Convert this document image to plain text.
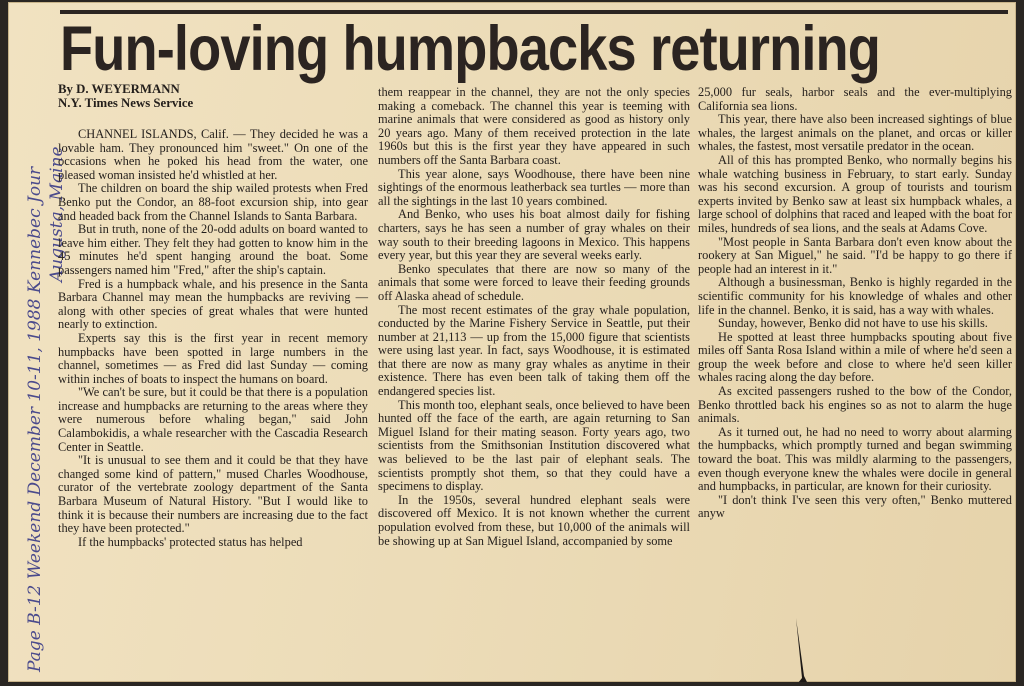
Fun-loving humpbacks returning
Page B-12 Weekend December 10-11, 1988 Kennebec Jour Augusta, Maine
By D. WEYERMANN
N.Y. Times News Service

CHANNEL ISLANDS, Calif. — They decided he was a lovable ham. They pronounced him "sweet." On one of the occasions when he poked his head from the water, one pleased woman insisted he'd whistled at her.

The children on board the ship wailed protests when Fred Benko put the Condor, an 88-foot excursion ship, into gear and headed back from the Channel Islands to Santa Barbara.

But in truth, none of the 20-odd adults on board wanted to leave him either. They felt they had gotten to know him in the 45 minutes he'd spent hanging around the boat. Some passengers named him "Fred," after the ship's captain.

Fred is a humpback whale, and his presence in the Santa Barbara Channel may mean the humpbacks are reviving — along with other species of great whales that were hunted nearly to extinction.

Experts say this is the first year in recent memory humpbacks have been spotted in large numbers in the channel, sometimes — as Fred did last Sunday — coming within inches of boats to inspect the humans on board.

"We can't be sure, but it could be that there is a population increase and humpbacks are returning to the areas where they were numerous before whaling began," said John Calambokidis, a whale researcher with the Cascadia Research Center in Seattle.

"It is unusual to see them and it could be that they have changed some kind of pattern," mused Charles Woodhouse, curator of the vertebrate zoology department of the Santa Barbara Museum of Natural History. "But I would like to think it is because their numbers are increasing due to the fact they have been protected."

If the humpbacks' protected status has helped

them reappear in the channel, they are not the only species making a comeback. The channel this year is teeming with marine animals that were considered as good as history only 20 years ago. Many of them received protection in the late 1960s but this is the first year they have appeared in such numbers off the Santa Barbara coast.

This year alone, says Woodhouse, there have been nine sightings of the enormous leatherback sea turtles — more than all the sightings in the last 10 years combined.

And Benko, who uses his boat almost daily for fishing charters, says he has seen a number of gray whales on their way south to their breeding lagoons in Mexico. This happens every year, but this year they are several weeks early.

Benko speculates that there are now so many of the animals that some were forced to leave their feeding grounds off Alaska ahead of schedule.

The most recent estimates of the gray whale population, conducted by the Marine Fishery Service in Seattle, put their number at 21,113 — up from the 15,000 figure that scientists were using last year. In fact, says Woodhouse, it is estimated that there are now as many gray whales as anytime in their existence. There has even been talk of taking them off the endangered species list.

This month too, elephant seals, once believed to have been hunted off the face of the earth, are again returning to San Miguel Island for their mating season. Forty years ago, two scientists from the Smithsonian Institution discovered what was believed to be the last pair of elephant seals. The scientists promptly shot them, so that they could have a specimens to display.

In the 1950s, several hundred elephant seals were discovered off Mexico. It is not known whether the current population evolved from these, but 10,000 of the animals will be showing up at San Miguel Island, accompanied by some

25,000 fur seals, harbor seals and the ever-multiplying California sea lions.

This year, there have also been increased sightings of blue whales, the largest animals on the planet, and orcas or killer whales, the fastest, most versatile predator in the ocean.

All of this has prompted Benko, who normally begins his whale watching business in February, to start early. Sunday was his second excursion. A group of tourists and tourism experts invited by Benko saw at least six humpback whales, a large school of dolphins that raced and leaped with the boat for miles, hundreds of sea lions, and the seals at Adams Cove.

"Most people in Santa Barbara don't even know about the rookery at San Miguel," he said. "I'd be happy to go there if people had an interest in it."

Although a businessman, Benko is highly regarded in the scientific community for his knowledge of whales and other life in the channel. Benko, it is said, has a way with whales.

Sunday, however, Benko did not have to use his skills.

He spotted at least three humpbacks spouting about five miles off Santa Rosa Island within a mile of where he'd seen a group the week before and close to where he'd seen killer whales racing along the day before.

As excited passengers rushed to the bow of the Condor, Benko throttled back his engines so as not to alarm the huge animals.

As it turned out, he had no need to worry about alarming the humpbacks, which promptly turned and began swimming toward the boat. This was mildly alarming to the passengers, even though everyone knew the whales were docile in general and humpbacks, in particular, are known for their curiosity.

"I don't think I've seen this very often," Benko muttered anyw
